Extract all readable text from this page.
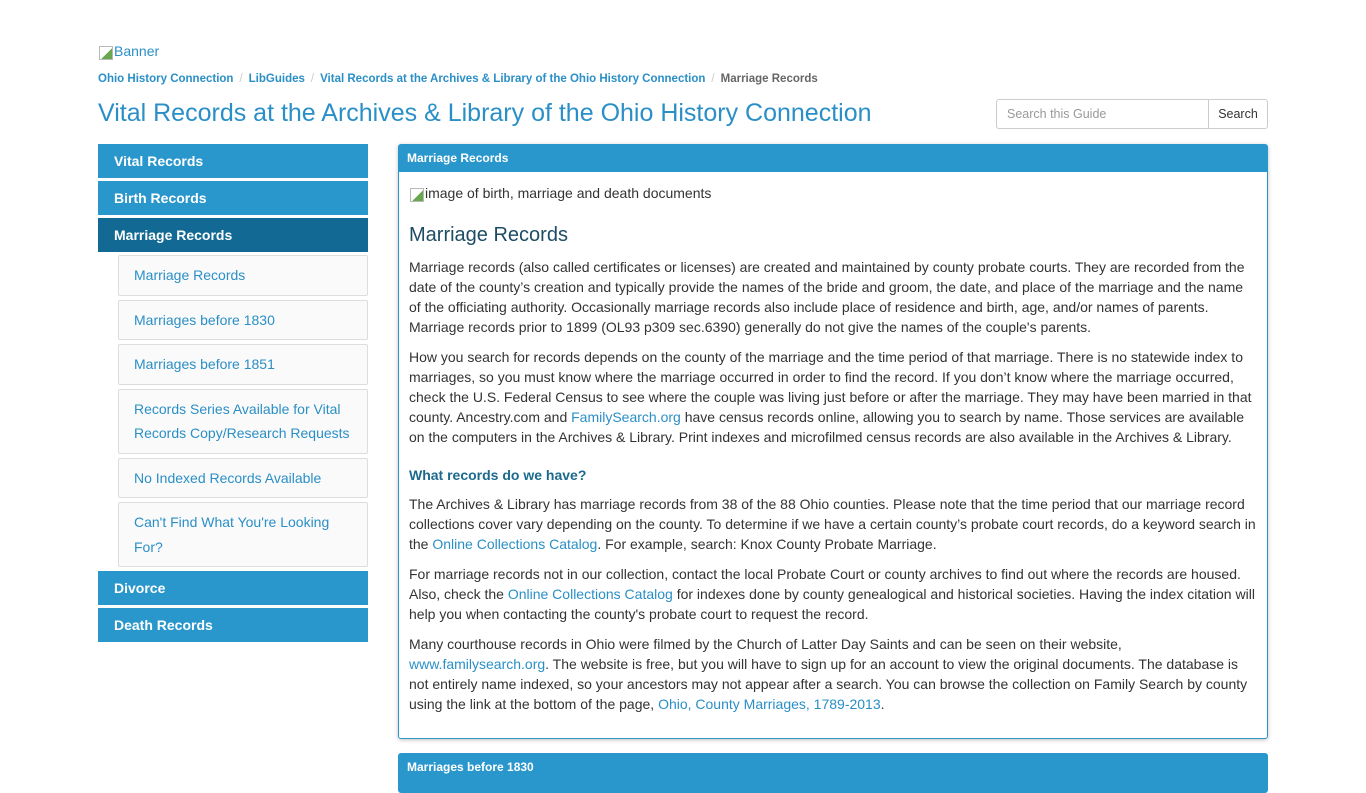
Banner
Ohio History Connection / LibGuides / Vital Records at the Archives & Library of the Ohio History Connection / Marriage Records
Vital Records at the Archives & Library of the Ohio History Connection
Search this Guide	Search
Vital Records
Birth Records
Marriage Records
Marriage Records
Marriages before 1830
Marriages before 1851
Records Series Available for Vital Records Copy/Research Requests
No Indexed Records Available
Can't Find What You're Looking For?
Divorce
Death Records
Marriage Records
image of birth, marriage and death documents
Marriage Records

Marriage records (also called certificates or licenses) are created and maintained by county probate courts. They are recorded from the date of the county’s creation and typically provide the names of the bride and groom, the date, and place of the marriage and the name of the officiating authority. Occasionally marriage records also include place of residence and birth, age, and/or names of parents. Marriage records prior to 1899 (OL93 p309 sec.6390) generally do not give the names of the couple's parents.

How you search for records depends on the county of the marriage and the time period of that marriage. There is no statewide index to marriages, so you must know where the marriage occurred in order to find the record. If you don’t know where the marriage occurred, check the U.S. Federal Census to see where the couple was living just before or after the marriage. They may have been married in that county. Ancestry.com and FamilySearch.org have census records online, allowing you to search by name. Those services are available on the computers in the Archives & Library. Print indexes and microfilmed census records are also available in the Archives & Library.

What records do we have?

The Archives & Library has marriage records from 38 of the 88 Ohio counties. Please note that the time period that our marriage record collections cover vary depending on the county. To determine if we have a certain county’s probate court records, do a keyword search in the Online Collections Catalog. For example, search: Knox County Probate Marriage.

For marriage records not in our collection, contact the local Probate Court or county archives to find out where the records are housed. Also, check the Online Collections Catalog for indexes done by county genealogical and historical societies. Having the index citation will help you when contacting the county's probate court to request the record.

Many courthouse records in Ohio were filmed by the Church of Latter Day Saints and can be seen on their website, www.familysearch.org. The website is free, but you will have to sign up for an account to view the original documents. The database is not entirely name indexed, so your ancestors may not appear after a search. You can browse the collection on Family Search by county using the link at the bottom of the page, Ohio, County Marriages, 1789-2013.

Marriages before 1830
